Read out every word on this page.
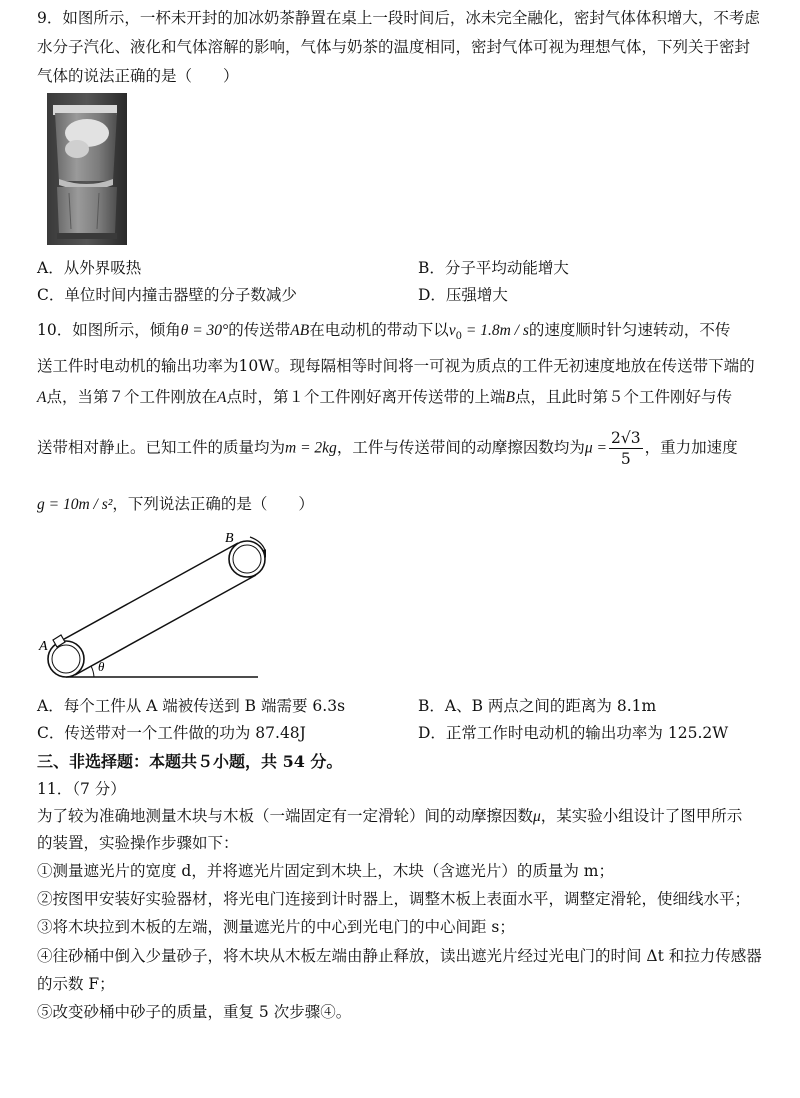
9．如图所示，一杯未开封的加冰奶茶静置在桌上一段时间后，冰未完全融化，密封气体体积增大，不考虑
水分子汽化、液化和气体溶解的影响，气体与奶茶的温度相同，密封气体可视为理想气体，下列关于密封
气体的说法正确的是（　　）
A．从外界吸热	B．分子平均动能增大
C．单位时间内撞击器壁的分子数减少	D．压强增大
10．如图所示，倾角θ = 30°的传送带AB在电动机的带动下以$v_0 = 1.8m / s$的速度顺时针匀速转动，不传
送工件时电动机的输出功率为10W。现每隔相等时间将一可视为质点的工件无初速度地放在传送带下端的
A点，当第７个工件刚放在A点时，第１个工件刚好离开传送带的上端B点，且此时第５个工件刚好与传
送带相对静止。已知工件的质量均为m = 2kg，工件与传送带间的动摩擦因数均为$\mu = \frac{2√3}{5}$ ，重力加速度
g = 10m / s²，下列说法正确的是（　　）
A
B
θ
A．每个工件从 A 端被传送到 B 端需要 6.3s	B．A、B 两点之间的距离为 8.1m
C．传送带对一个工件做的功为 87.48J	D．正常工作时电动机的输出功率为 125.2W
三、非选择题：本题共５小题，共 54 分。
11．（7 分）
为了较为准确地测量木块与木板（一端固定有一定滑轮）间的动摩擦因数μ，某实验小组设计了图甲所示
的装置，实验操作步骤如下：
①测量遮光片的宽度 d，并将遮光片固定到木块上，木块（含遮光片）的质量为 m；
②按图甲安装好实验器材，将光电门连接到计时器上，调整木板上表面水平，调整定滑轮，使细线水平；
③将木块拉到木板的左端，测量遮光片的中心到光电门的中心间距 s；
④往砂桶中倒入少量砂子，将木块从木板左端由静止释放，读出遮光片经过光电门的时间 Δt 和拉力传感器
的示数 F；
⑤改变砂桶中砂子的质量，重复 5 次步骤④。
